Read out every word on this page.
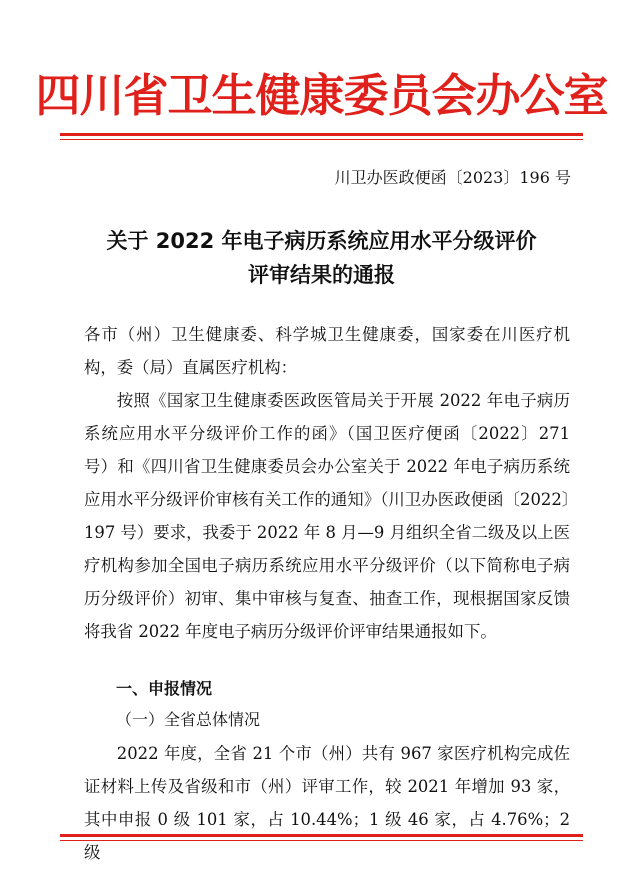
四川省卫生健康委员会办公室
川卫办医政便函〔2023〕196 号
关于 2022 年电子病历系统应用水平分级评价
评审结果的通报

各市（州）卫生健康委、科学城卫生健康委，国家委在川医疗机构，委（局）直属医疗机构：

按照《国家卫生健康委医政医管局关于开展 2022 年电子病历系统应用水平分级评价工作的函》（国卫医疗便函〔2022〕271 号）和《四川省卫生健康委员会办公室关于 2022 年电子病历系统应用水平分级评价审核有关工作的通知》（川卫办医政便函〔2022〕197 号）要求，我委于 2022 年 8 月—9 月组织全省二级及以上医疗机构参加全国电子病历系统应用水平分级评价（以下简称电子病历分级评价）初审、集中审核与复查、抽查工作，现根据国家反馈将我省 2022 年度电子病历分级评价评审结果通报如下。

一、申报情况
（一）全省总体情况

2022 年度，全省 21 个市（州）共有 967 家医疗机构完成佐证材料上传及省级和市（州）评审工作，较 2021 年增加 93 家，其中申报 0 级 101 家，占 10.44%；1 级 46 家，占 4.76%；2 级
